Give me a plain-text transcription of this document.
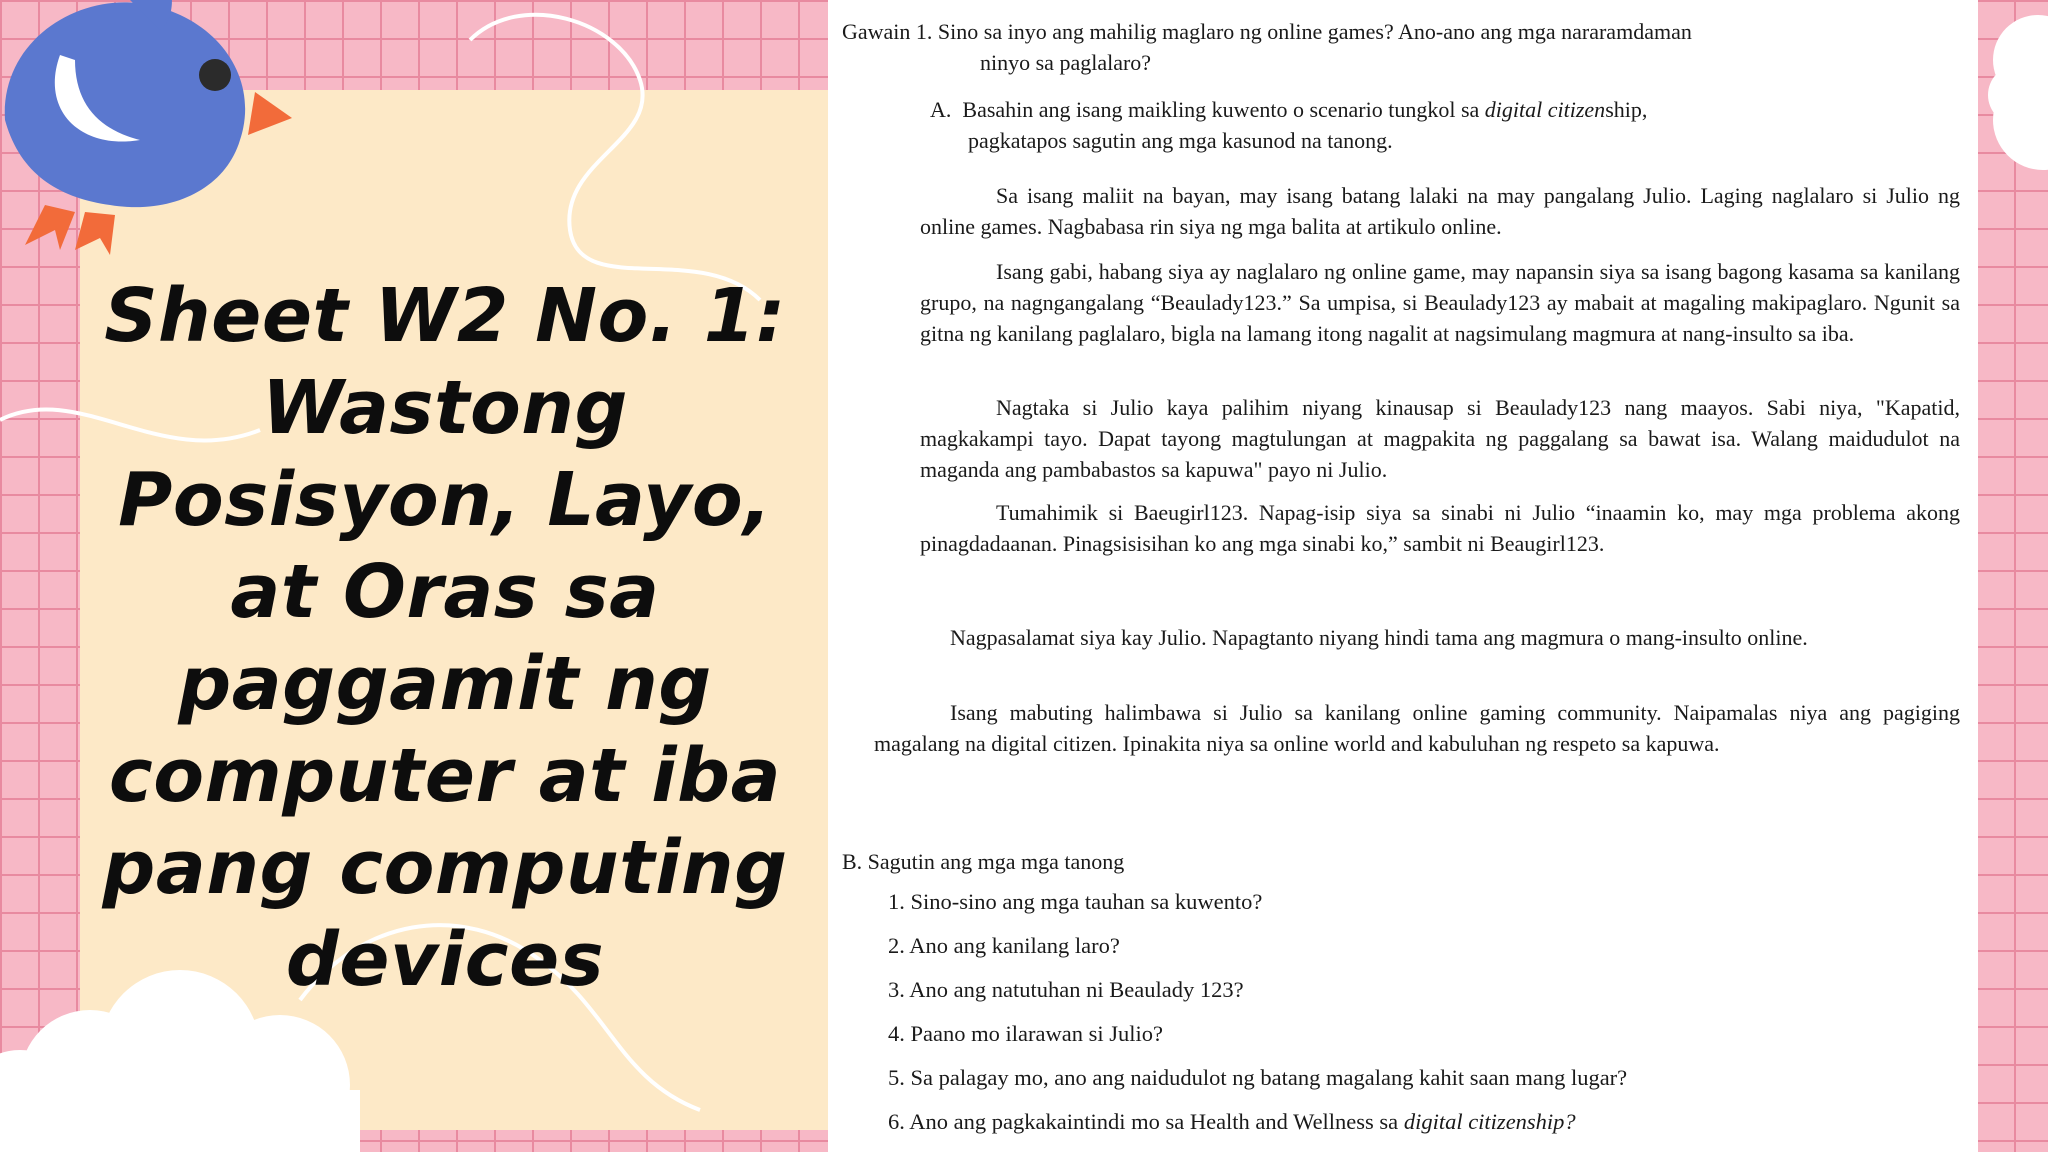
Sheet W2 No. 1: Wastong Posisyon, Layo, at Oras sa paggamit ng computer at iba pang computing devices
Gawain 1. Sino sa inyo ang mahilig maglaro ng online games? Ano-ano ang mga nararamdaman
ninyo sa paglalaro?
A. Basahin ang isang maikling kuwento o scenario tungkol sa digital citizenship,
pagkatapos sagutin ang mga kasunod na tanong.
Sa isang maliit na bayan, may isang batang lalaki na may pangalang Julio. Laging naglalaro si Julio ng online games. Nagbabasa rin siya ng mga balita at artikulo online.
Isang gabi, habang siya ay naglalaro ng online game, may napansin siya sa isang bagong kasama sa kanilang grupo, na nagngangalang “Beaulady123.” Sa umpisa, si Beaulady123 ay mabait at magaling makipaglaro. Ngunit sa gitna ng kanilang paglalaro, bigla na lamang itong nagalit at nagsimulang magmura at nang-insulto sa iba.
Nagtaka si Julio kaya palihim niyang kinausap si Beaulady123 nang maayos. Sabi niya, "Kapatid, magkakampi tayo. Dapat tayong magtulungan at magpakita ng paggalang sa bawat isa. Walang maidudulot na maganda ang pambabastos sa kapuwa" payo ni Julio.
Tumahimik si Baeugirl123. Napag-isip siya sa sinabi ni Julio “inaamin ko, may mga problema akong pinagdadaanan. Pinagsisisihan ko ang mga sinabi ko,” sambit ni Beaugirl123.
Nagpasalamat siya kay Julio. Napagtanto niyang hindi tama ang magmura o mang-insulto online.
Isang mabuting halimbawa si Julio sa kanilang online gaming community. Naipamalas niya ang pagiging magalang na digital citizen. Ipinakita niya sa online world and kabuluhan ng respeto sa kapuwa.
B. Sagutin ang mga mga tanong
1. Sino-sino ang mga tauhan sa kuwento?
2. Ano ang kanilang laro?
3. Ano ang natutuhan ni Beaulady 123?
4. Paano mo ilarawan si Julio?
5. Sa palagay mo, ano ang naidudulot ng batang magalang kahit saan mang lugar?
6. Ano ang pagkakaintindi mo sa Health and Wellness sa digital citizenship?
